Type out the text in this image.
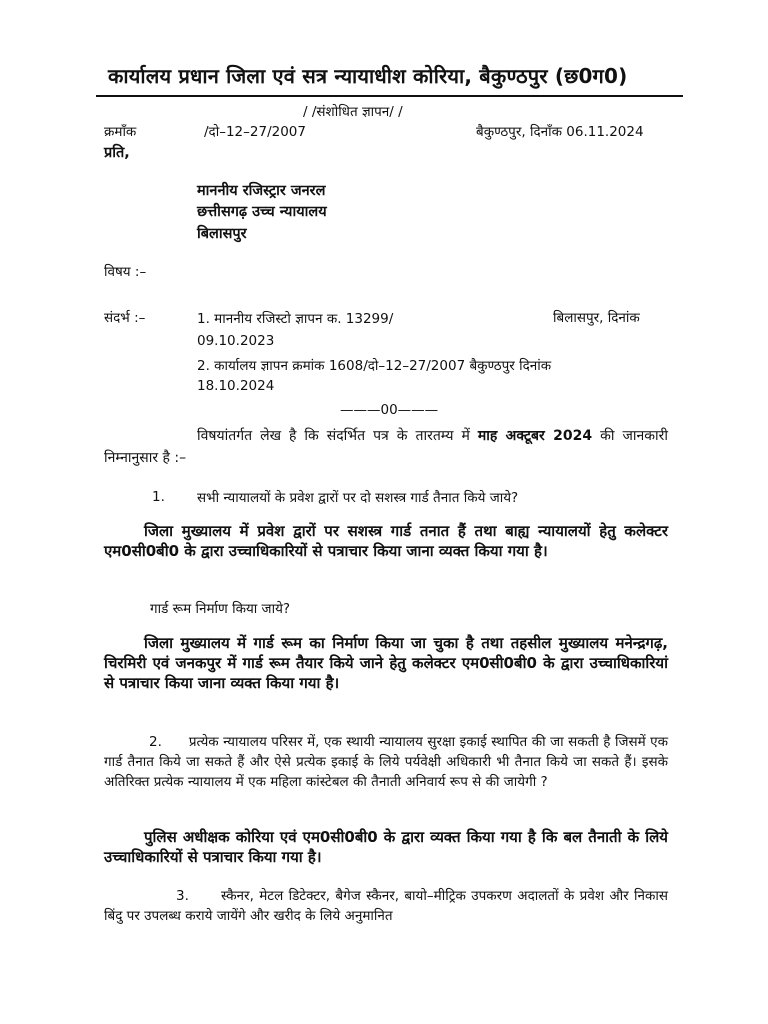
कार्यालय प्रधान जिला एवं सत्र न्यायाधीश कोरिया, बैकुण्ठपुर (छ0ग0)
/ /संशोधित ज्ञापन/ /
क्रमॉंक	/दो–12–27/2007	बैकुण्ठपुर, दिनॉंक 06.11.2024
प्रति,
माननीय रजिस्ट्रार जनरल
छत्तीसगढ़ उच्च न्यायालय
बिलासपुर
विषय :–
संदर्भ :–	1. माननीय रजिस्टो ज्ञापन क. 13299/	बिलासपुर, दिनांक
09.10.2023
2. कार्यालय ज्ञापन क्रमांक 1608/दो–12–27/2007 बैकुण्ठपुर दिनांक
18.10.2024
———00———
विषयांतर्गत लेख है कि संदर्भित पत्र के तारतम्य में माह अक्टूबर 2024 की जानकारी निम्नानुसार है :–
1. सभी न्यायालयों के प्रवेश द्वारों पर दो सशस्त्र गार्ड तैनात किये जाये?
जिला मुख्यालय में प्रवेश द्वारों पर सशस्त्र गार्ड तनात हैं तथा बाह्य न्यायालयों हेतु कलेक्टर एम0सी0बी0 के द्वारा उच्चाधिकारियों से पत्राचार किया जाना व्यक्त किया गया है।
गार्ड रूम निर्माण किया जाये?
जिला मुख्यालय में गार्ड रूम का निर्माण किया जा चुका है तथा तहसील मुख्यालय मनेन्द्रगढ़, चिरमिरी एवं जनकपुर में गार्ड रूम तैयार किये जाने हेतु कलेक्टर एम0सी0बी0 के द्वारा उच्चाधिकारियां से पत्राचार किया जाना व्यक्त किया गया है।
2. प्रत्येक न्यायालय परिसर में, एक स्थायी न्यायालय सुरक्षा इकाई स्थापित की जा सकती है जिसमें एक गार्ड तैनात किये जा सकते हैं और ऐसे प्रत्येक इकाई के लिये पर्यवेक्षी अधिकारी भी तैनात किये जा सकते हैं। इसके अतिरिक्त प्रत्येक न्यायालय में एक महिला कांस्टेबल की तैनाती अनिवार्य रूप से की जायेगी ?
पुलिस अधीक्षक कोरिया एवं एम0सी0बी0 के द्वारा व्यक्त किया गया है कि बल तैनाती के लिये उच्चाधिकारियों से पत्राचार किया गया है।
3. स्कैनर, मेटल डिटेक्टर, बैगेज स्कैनर, बायो–मीट्रिक उपकरण अदालतों के प्रवेश और निकास बिंदु पर उपलब्ध कराये जायेंगे और खरीद के लिये अनुमानित
